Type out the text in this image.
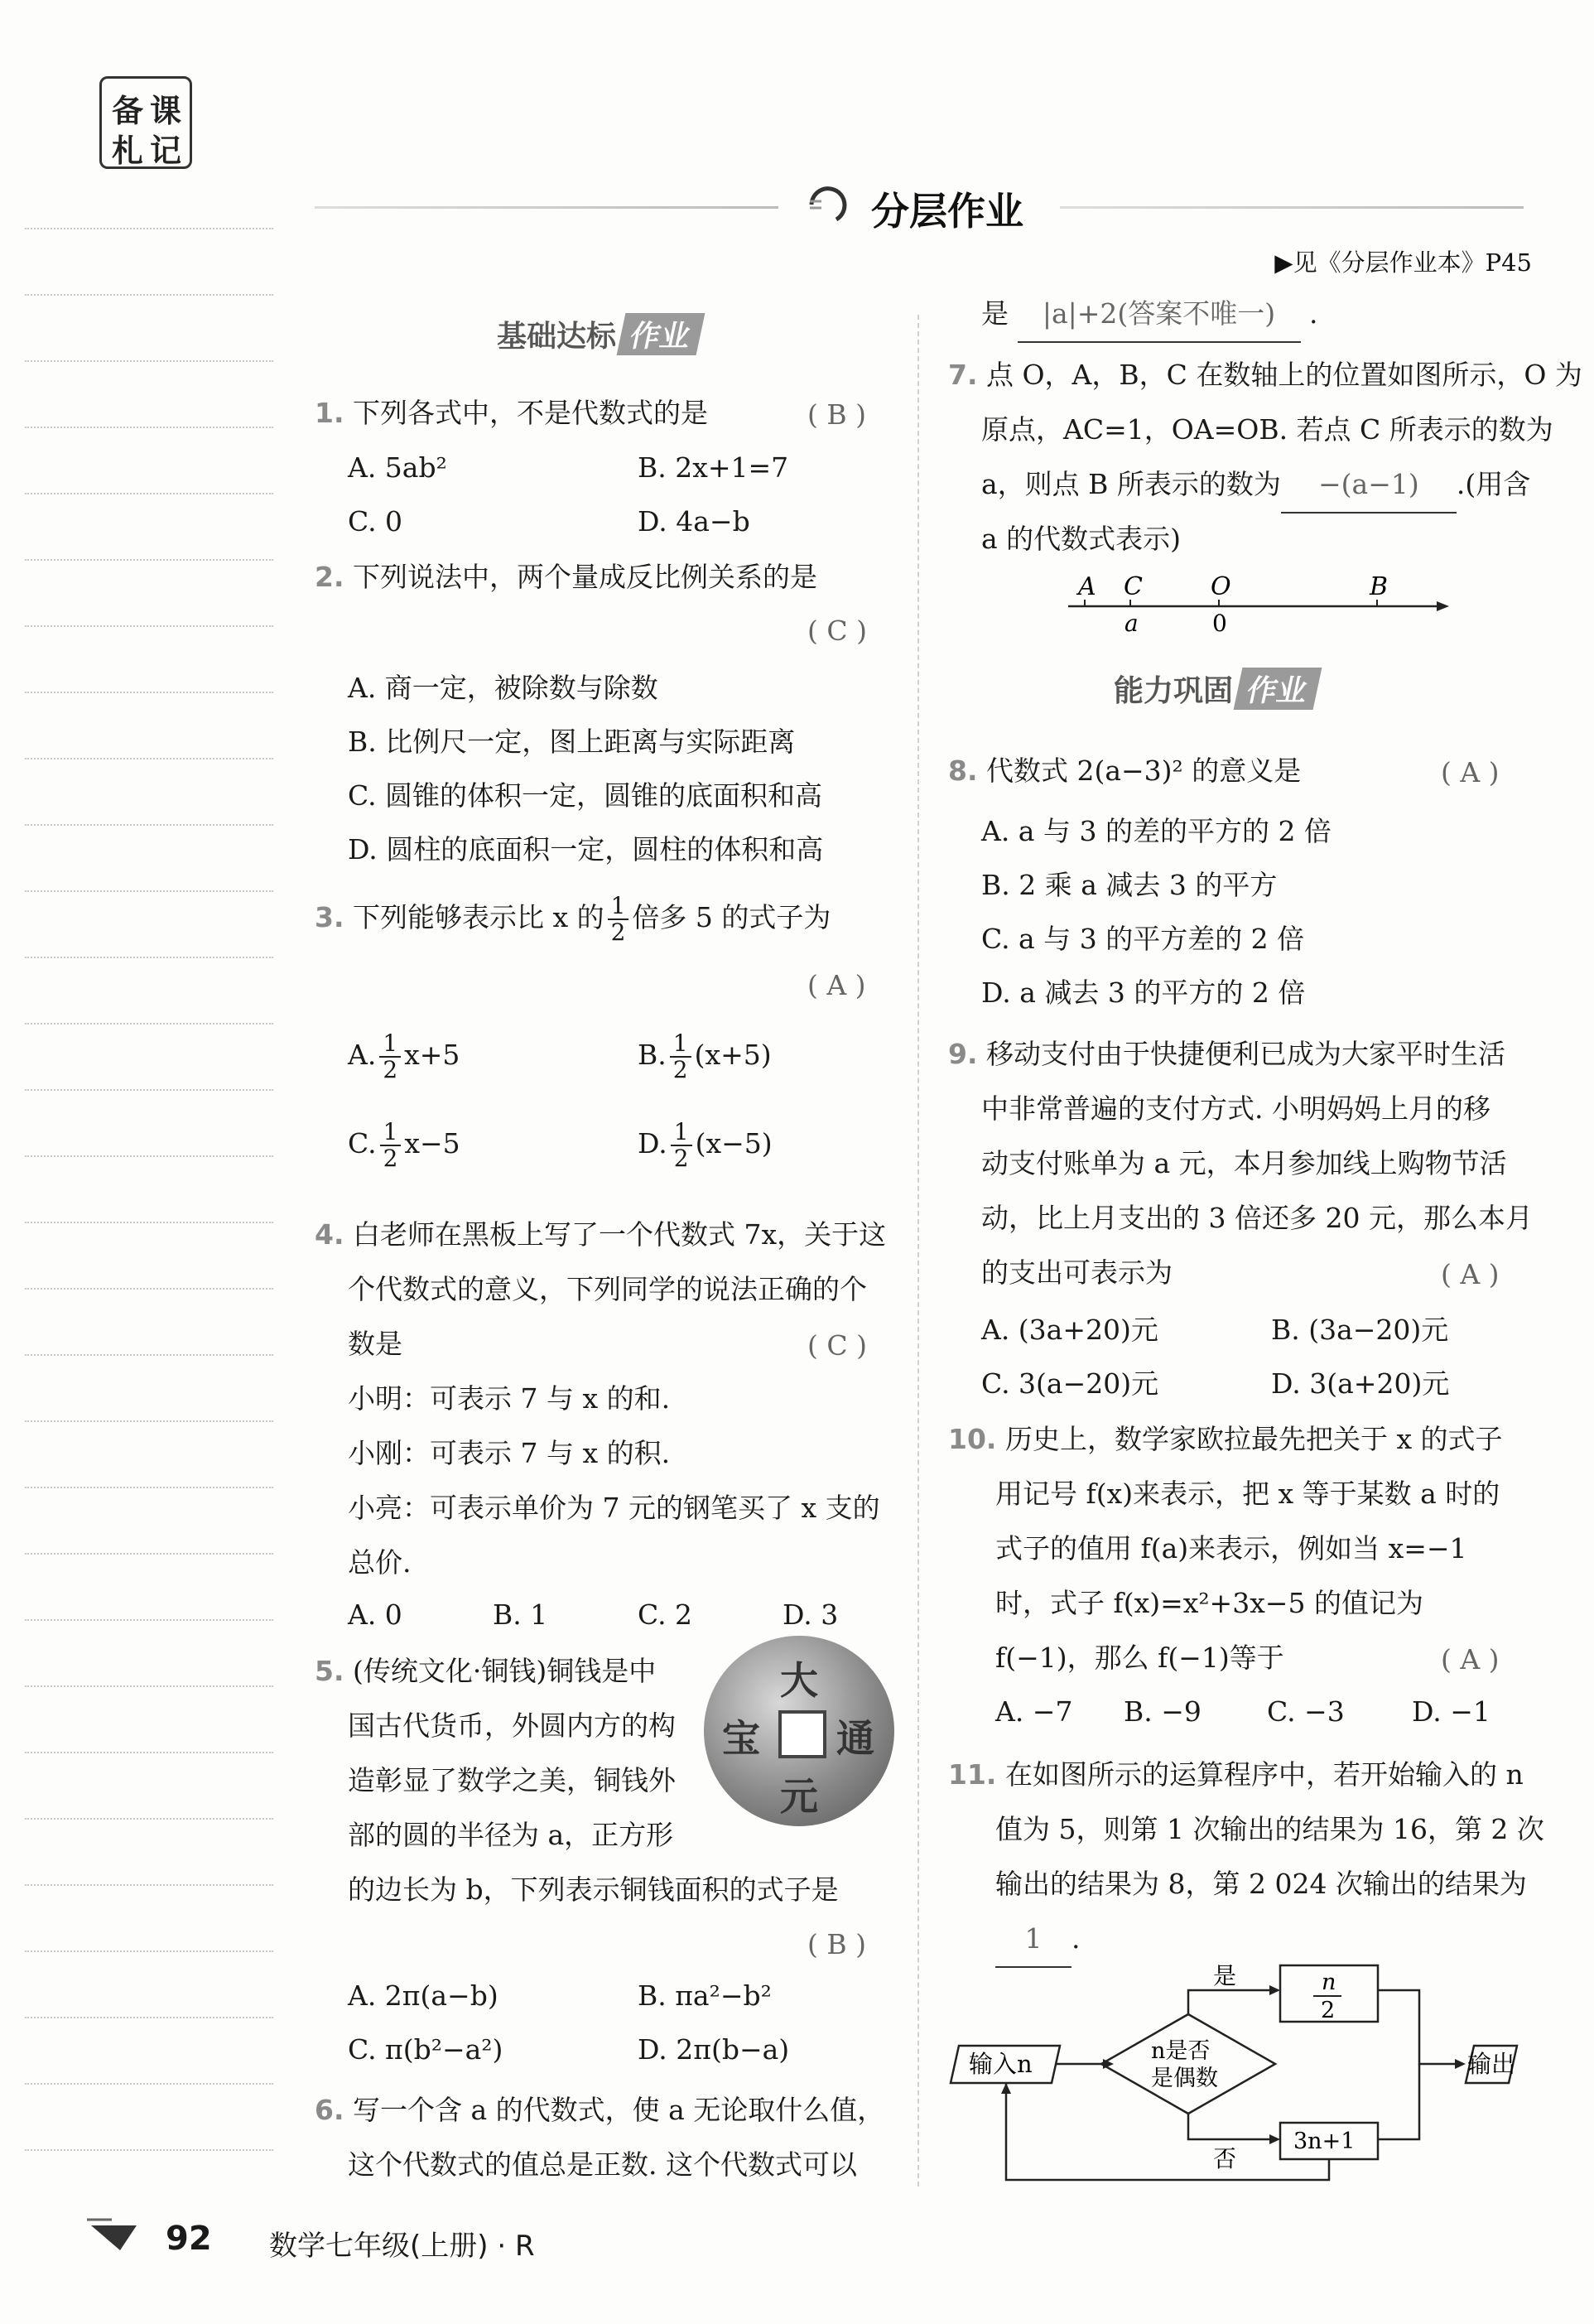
备 课
札 记
分层作业
▶见《分层作业本》P45
基础达标 作业
1. 下列各式中，不是代数式的是	( B )
A. 5ab²	B. 2x+1=7
C. 0	D. 4a−b
2. 下列说法中，两个量成反比例关系的是
( C )
A. 商一定，被除数与除数
B. 比例尺一定，图上距离与实际距离
C. 圆锥的体积一定，圆锥的底面积和高
D. 圆柱的底面积一定，圆柱的体积和高
3. 下列能够表示比 x 的 $\frac{1}{2}$ 倍多 5 的式子为
( A )
A. $\frac{1}{2} x+5$	B. $\frac{1}{2} (x+5)$
C. $\frac{1}{2} x-5$	D. $\frac{1}{2} (x-5)$
4. 白老师在黑板上写了一个代数式 7x，关于这
个代数式的意义，下列同学的说法正确的个
数是	( C )
小明：可表示 7 与 x 的和.
小刚：可表示 7 与 x 的积.
小亮：可表示单价为 7 元的钢笔买了 x 支的
总价.
A. 0	B. 1	C. 2	D. 3
5. (传统文化·铜钱)铜钱是中
国古代货币，外圆内方的构
造彰显了数学之美，铜钱外
部的圆的半径为 a，正方形
的边长为 b，下列表示铜钱面积的式子是
大
通
宝
元
( B )
A. 2π(a−b)	B. πa²−b²
C. π(b²−a²)	D. 2π(b−a)
6. 写一个含 a 的代数式，使 a 无论取什么值，
这个代数式的值总是正数. 这个代数式可以
是 |a|+2(答案不唯一) .
7. 点 O，A，B，C 在数轴上的位置如图所示，O 为
原点，AC=1，OA=OB. 若点 C 所表示的数为
a，则点 B 所表示的数为 −(a−1) .(用含
a 的代数式表示)
A C	O	B
a	0
能力巩固 作业
8. 代数式 2(a−3)² 的意义是	( A )
A. a 与 3 的差的平方的 2 倍
B. 2 乘 a 减去 3 的平方
C. a 与 3 的平方差的 2 倍
D. a 减去 3 的平方的 2 倍
9. 移动支付由于快捷便利已成为大家平时生活
中非常普遍的支付方式. 小明妈妈上月的移
动支付账单为 a 元，本月参加线上购物节活
动，比上月支出的 3 倍还多 20 元，那么本月
的支出可表示为	( A )
A. (3a+20)元	B. (3a−20)元
C. 3(a−20)元	D. 3(a+20)元
10. 历史上，数学家欧拉最先把关于 x 的式子
用记号 f(x)来表示，把 x 等于某数 a 时的
式子的值用 f(a)来表示，例如当 x=−1
时，式子 f(x)=x²+3x−5 的值记为
f(−1)，那么 f(−1)等于	( A )
A. −7 B. −9 C. −3 D. −1
11. 在如图所示的运算程序中，若开始输入的 n
值为 5，则第 1 次输出的结果为 16，第 2 次
输出的结果为 8，第 2 024 次输出的结果为
1 .
输入n	n是否
是偶数
是	n
2
否
3n+1
输出
92 数学七年级(上册) · R
